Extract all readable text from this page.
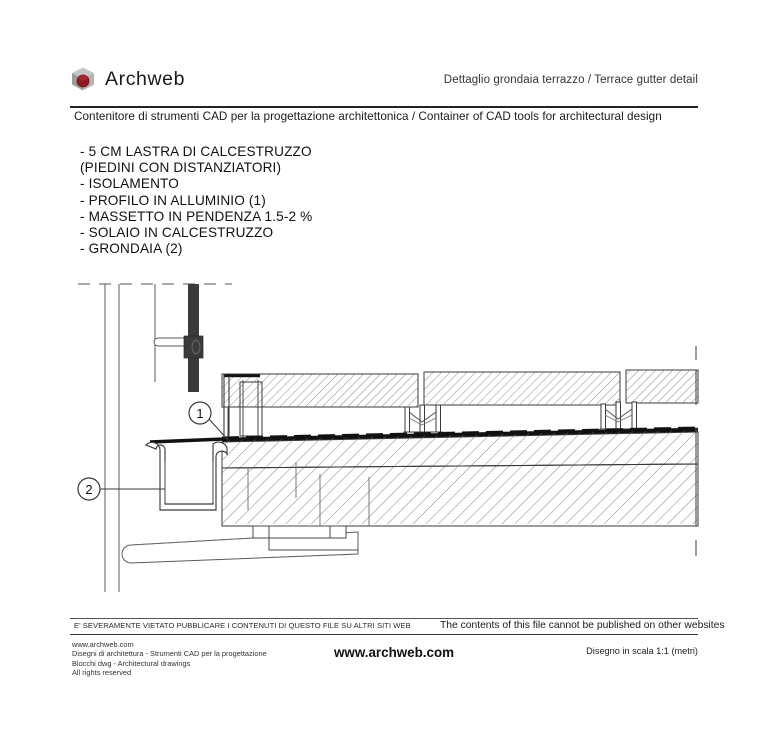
Archweb	Dettaglio grondaia terrazzo / Terrace gutter detail
Contenitore di strumenti CAD per la progettazione architettonica / Container of CAD tools for architectural design
- 5 CM LASTRA DI CALCESTRUZZO
(PIEDINI CON DISTANZIATORI)
- ISOLAMENTO
- PROFILO IN ALLUMINIO (1)
- MASSETTO IN PENDENZA 1.5-2 %
- SOLAIO IN CALCESTRUZZO
- GRONDAIA (2)
1
2
E' SEVERAMENTE VIETATO PUBBLICARE I CONTENUTI DI QUESTO FILE SU ALTRI SITI WEB	The contents of this file cannot be published on other websites
www.archweb.com
Disegni di architettura - Strumenti CAD per la progettazione
Blocchi dwg - Architectural drawings
All rights reserved
www.archweb.com	Disegno in scala 1:1 (metri)
